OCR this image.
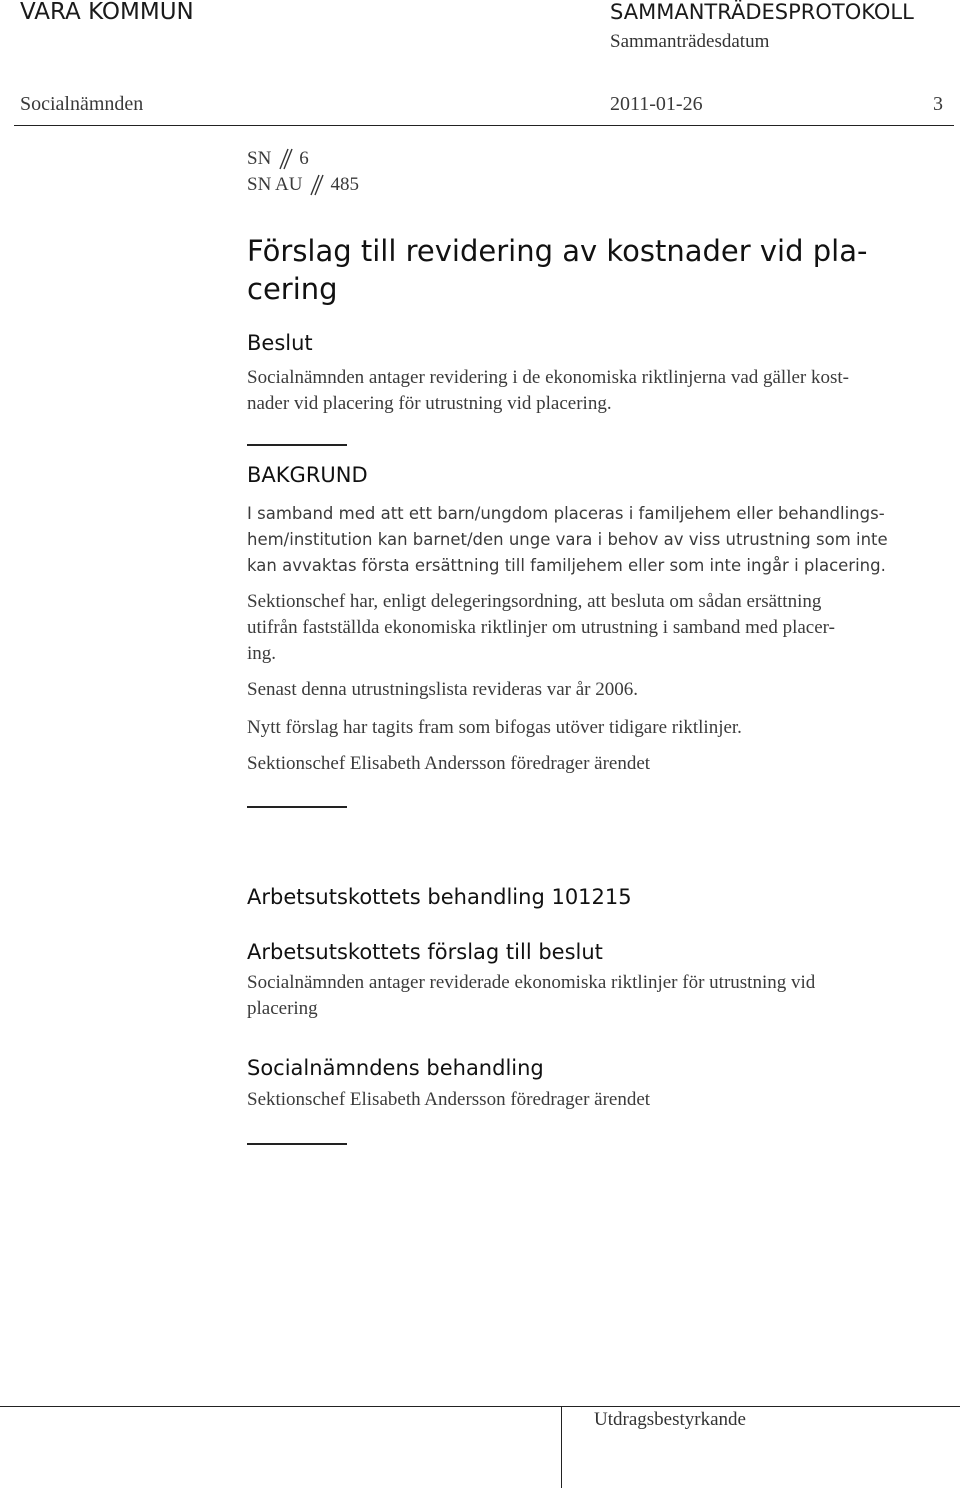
VARA KOMMUN	SAMMANTRÄDESPROTOKOLL
Sammanträdesdatum
Socialnämnden	2011-01-26	3
SN 6
SN AU 485
Förslag till revidering av kostnader vid pla-
cering
Beslut
Socialnämnden antager revidering i de ekonomiska riktlinjerna vad gäller kost-
nader vid placering för utrustning vid placering.
BAKGRUND
I samband med att ett barn/ungdom placeras i familjehem eller behandlings-
hem/institution kan barnet/den unge vara i behov av viss utrustning som inte
kan avvaktas första ersättning till familjehem eller som inte ingår i placering.
Sektionschef har, enligt delegeringsordning, att besluta om sådan ersättning
utifrån fastställda ekonomiska riktlinjer om utrustning i samband med placer-
ing.
Senast denna utrustningslista revideras var år 2006.
Nytt förslag har tagits fram som bifogas utöver tidigare riktlinjer.
Sektionschef Elisabeth Andersson föredrager ärendet
Arbetsutskottets behandling 101215
Arbetsutskottets förslag till beslut
Socialnämnden antager reviderade ekonomiska riktlinjer för utrustning vid
placering
Socialnämndens behandling
Sektionschef Elisabeth Andersson föredrager ärendet
Utdragsbestyrkande
